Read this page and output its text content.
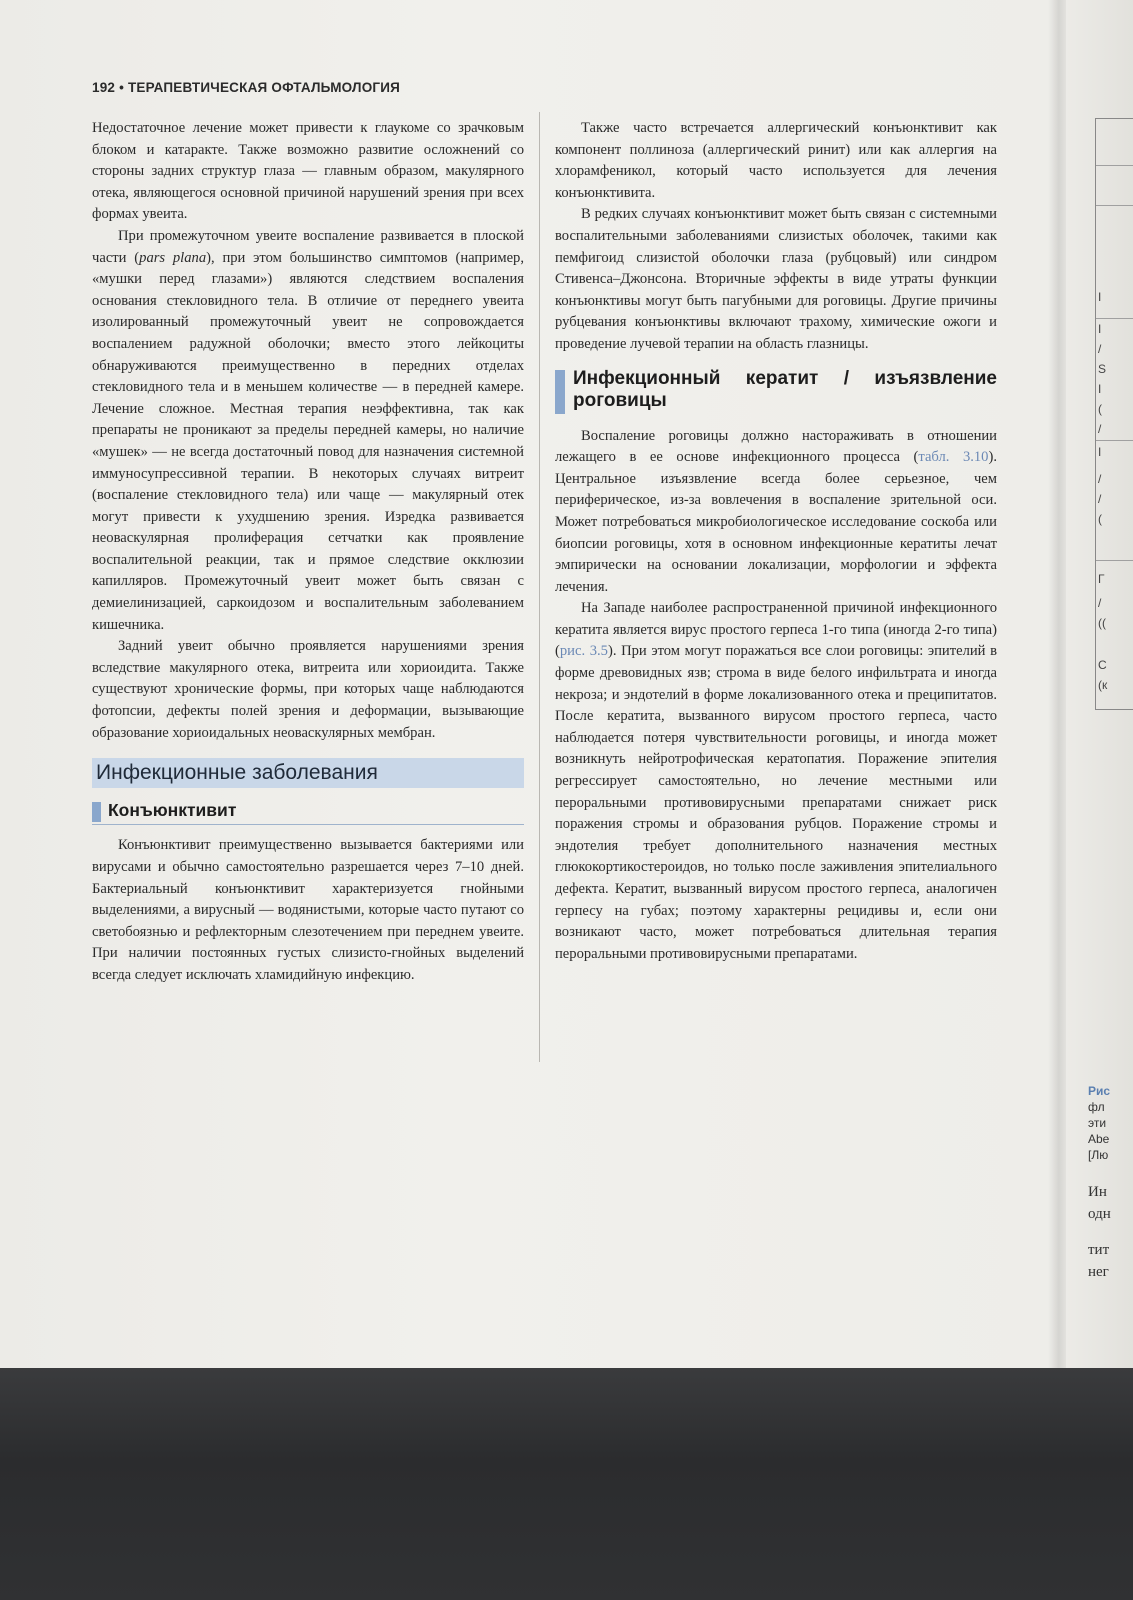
192 • ТЕРАПЕВТИЧЕСКАЯ ОФТАЛЬМОЛОГИЯ

Недостаточное лечение может привести к глаукоме со зрачковым блоком и катаракте. Также возможно развитие осложнений со стороны задних структур глаза — главным образом, макулярного отека, являющегося основной причиной нарушений зрения при всех формах увеита.

При промежуточном увеите воспаление развивается в плоской части (pars plana), при этом большинство симптомов (например, «мушки перед глазами») являются следствием воспаления основания стекловидного тела. В отличие от переднего увеита изолированный промежуточный увеит не сопровождается воспалением радужной оболочки; вместо этого лейкоциты обнаруживаются преимущественно в передних отделах стекловидного тела и в меньшем количестве — в передней камере. Лечение сложное. Местная терапия неэффективна, так как препараты не проникают за пределы передней камеры, но наличие «мушек» — не всегда достаточный повод для назначения системной иммуносупрессивной терапии. В некоторых случаях витреит (воспаление стекловидного тела) или чаще — макулярный отек могут привести к ухудшению зрения. Изредка развивается неоваскулярная пролиферация сетчатки как проявление воспалительной реакции, так и прямое следствие окклюзии капилляров. Промежуточный увеит может быть связан с демиелинизацией, саркоидозом и воспалительным заболеванием кишечника.

Задний увеит обычно проявляется нарушениями зрения вследствие макулярного отека, витреита или хориоидита. Также существуют хронические формы, при которых чаще наблюдаются фотопсии, дефекты полей зрения и деформации, вызывающие образование хориоидальных неоваскулярных мембран.

Инфекционные заболевания
Конъюнктивит

Конъюнктивит преимущественно вызывается бактериями или вирусами и обычно самостоятельно разрешается через 7–10 дней. Бактериальный конъюнктивит характеризуется гнойными выделениями, а вирусный — водянистыми, которые часто путают со светобоязнью и рефлекторным слезотечением при переднем увеите. При наличии постоянных густых слизисто-гнойных выделений всегда следует исключать хламидийную инфекцию.

Также часто встречается аллергический конъюнктивит как компонент поллиноза (аллергический ринит) или как аллергия на хлорамфеникол, который часто используется для лечения конъюнктивита.

В редких случаях конъюнктивит может быть связан с системными воспалительными заболеваниями слизистых оболочек, такими как пемфигоид слизистой оболочки глаза (рубцовый) или синдром Стивенса–Джонсона. Вторичные эффекты в виде утраты функции конъюнктивы могут быть пагубными для роговицы. Другие причины рубцевания конъюнктивы включают трахому, химические ожоги и проведение лучевой терапии на область глазницы.

Инфекционный кератит / изъязвление роговицы

Воспаление роговицы должно настораживать в отношении лежащего в ее основе инфекционного процесса (табл. 3.10). Центральное изъязвление всегда более серьезное, чем периферическое, из-за вовлечения в воспаление зрительной оси. Может потребоваться микробиологическое исследование соскоба или биопсии роговицы, хотя в основном инфекционные кератиты лечат эмпирически на основании локализации, морфологии и эффекта лечения.

На Западе наиболее распространенной причиной инфекционного кератита является вирус простого герпеса 1-го типа (иногда 2-го типа) (рис. 3.5). При этом могут поражаться все слои роговицы: эпителий в форме древовидных язв; строма в виде белого инфильтрата и иногда некроза; и эндотелий в форме локализованного отека и преципитатов. После кератита, вызванного вирусом простого герпеса, часто наблюдается потеря чувствительности роговицы, и иногда может возникнуть нейротрофическая кератопатия. Поражение эпителия регрессирует самостоятельно, но лечение местными или пероральными противовирусными препаратами снижает риск поражения стромы и образования рубцов. Поражение стромы и эндотелия требует дополнительного назначения местных глюкокортикостероидов, но только после заживления эпителиального дефекта. Кератит, вызванный вирусом простого герпеса, аналогичен герпесу на губах; поэтому характерны рецидивы и, если они возникают часто, может потребоваться длительная терапия пероральными противовирусными препаратами.

I
I
/
S
I
(
/
I
/
/
(
Г
/
((
С
(к
Рис
фл
эти
Abe
[Лю
Ин
одн
тит
нег
